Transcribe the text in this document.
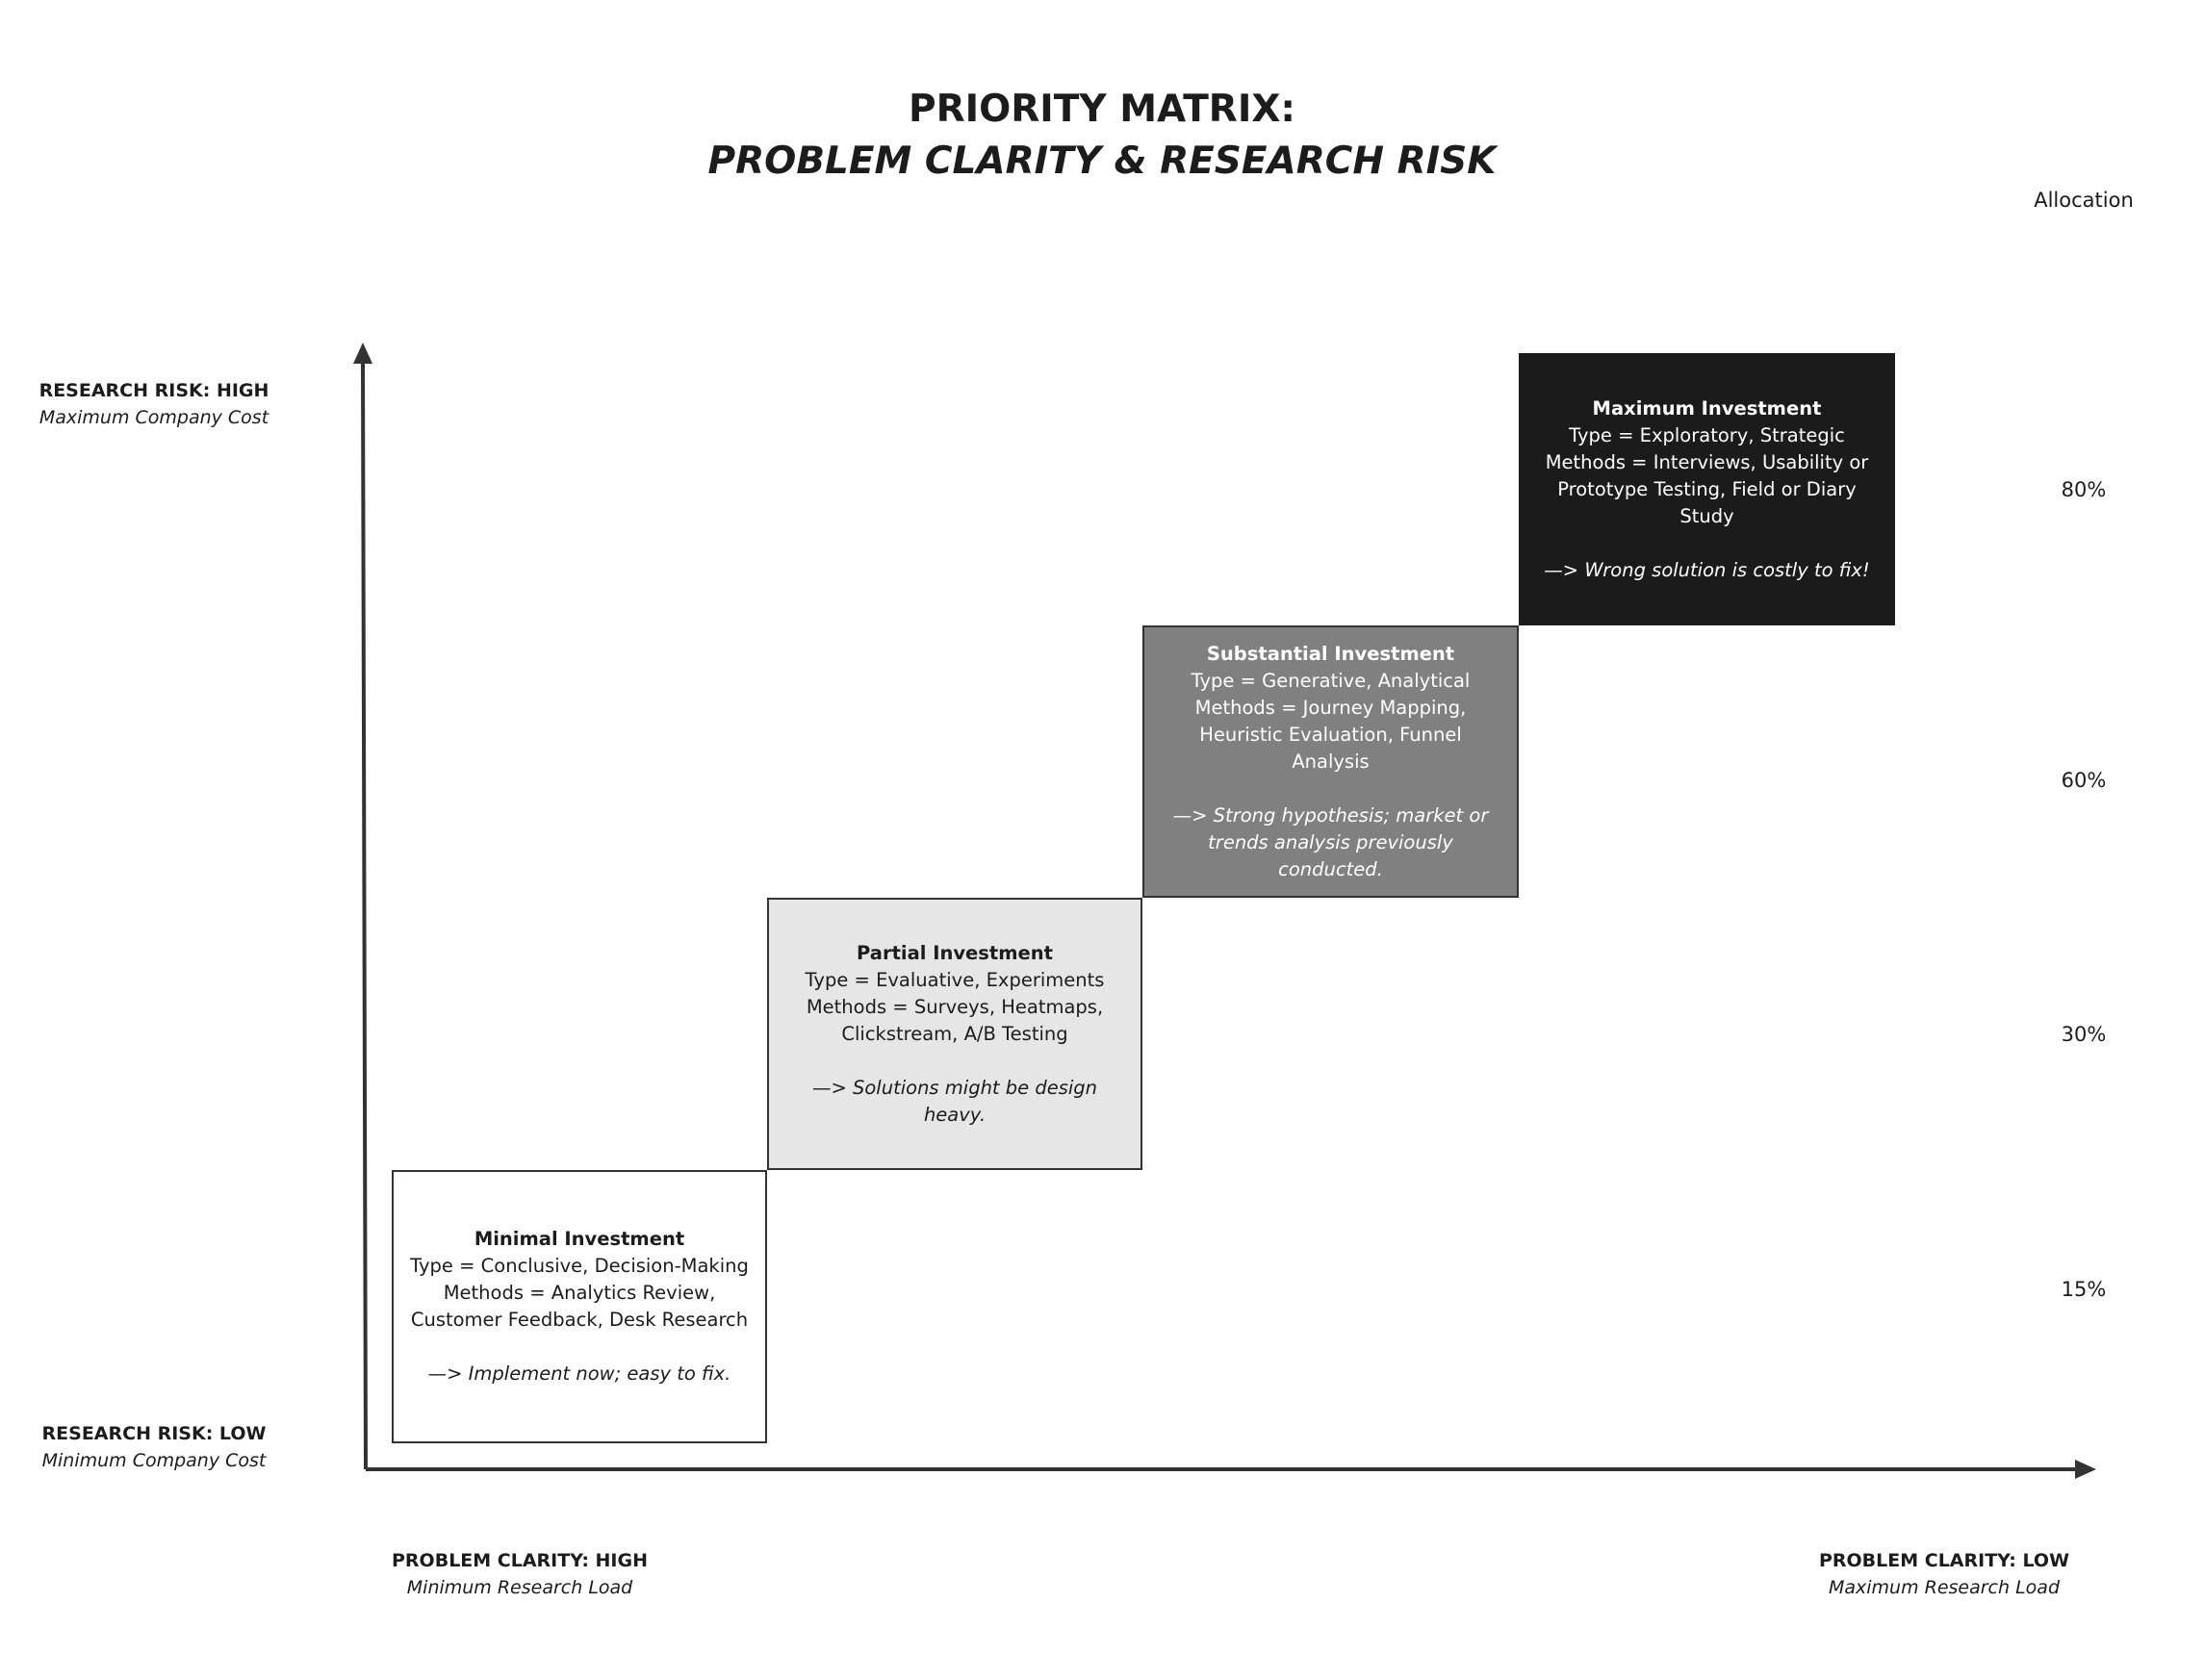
PRIORITY MATRIX:
PROBLEM CLARITY & RESEARCH RISK
Allocation
RESEARCH RISK: HIGH
Maximum Company Cost
RESEARCH RISK: LOW
Minimum Company Cost
PROBLEM CLARITY: HIGH
Minimum Research Load
PROBLEM CLARITY: LOW
Maximum Research Load
Minimal Investment
Type = Conclusive, Decision-Making
Methods = Analytics Review, Customer Feedback, Desk Research
—> Implement now; easy to fix.
Partial Investment
Type = Evaluative, Experiments
Methods = Surveys, Heatmaps, Clickstream, A/B Testing
—> Solutions might be design heavy.
Substantial Investment
Type = Generative, Analytical
Methods = Journey Mapping, Heuristic Evaluation, Funnel Analysis
—> Strong hypothesis; market or trends analysis previously conducted.
Maximum Investment
Type = Exploratory, Strategic
Methods = Interviews, Usability or Prototype Testing, Field or Diary Study
—> Wrong solution is costly to fix!
80%
60%
30%
15%
